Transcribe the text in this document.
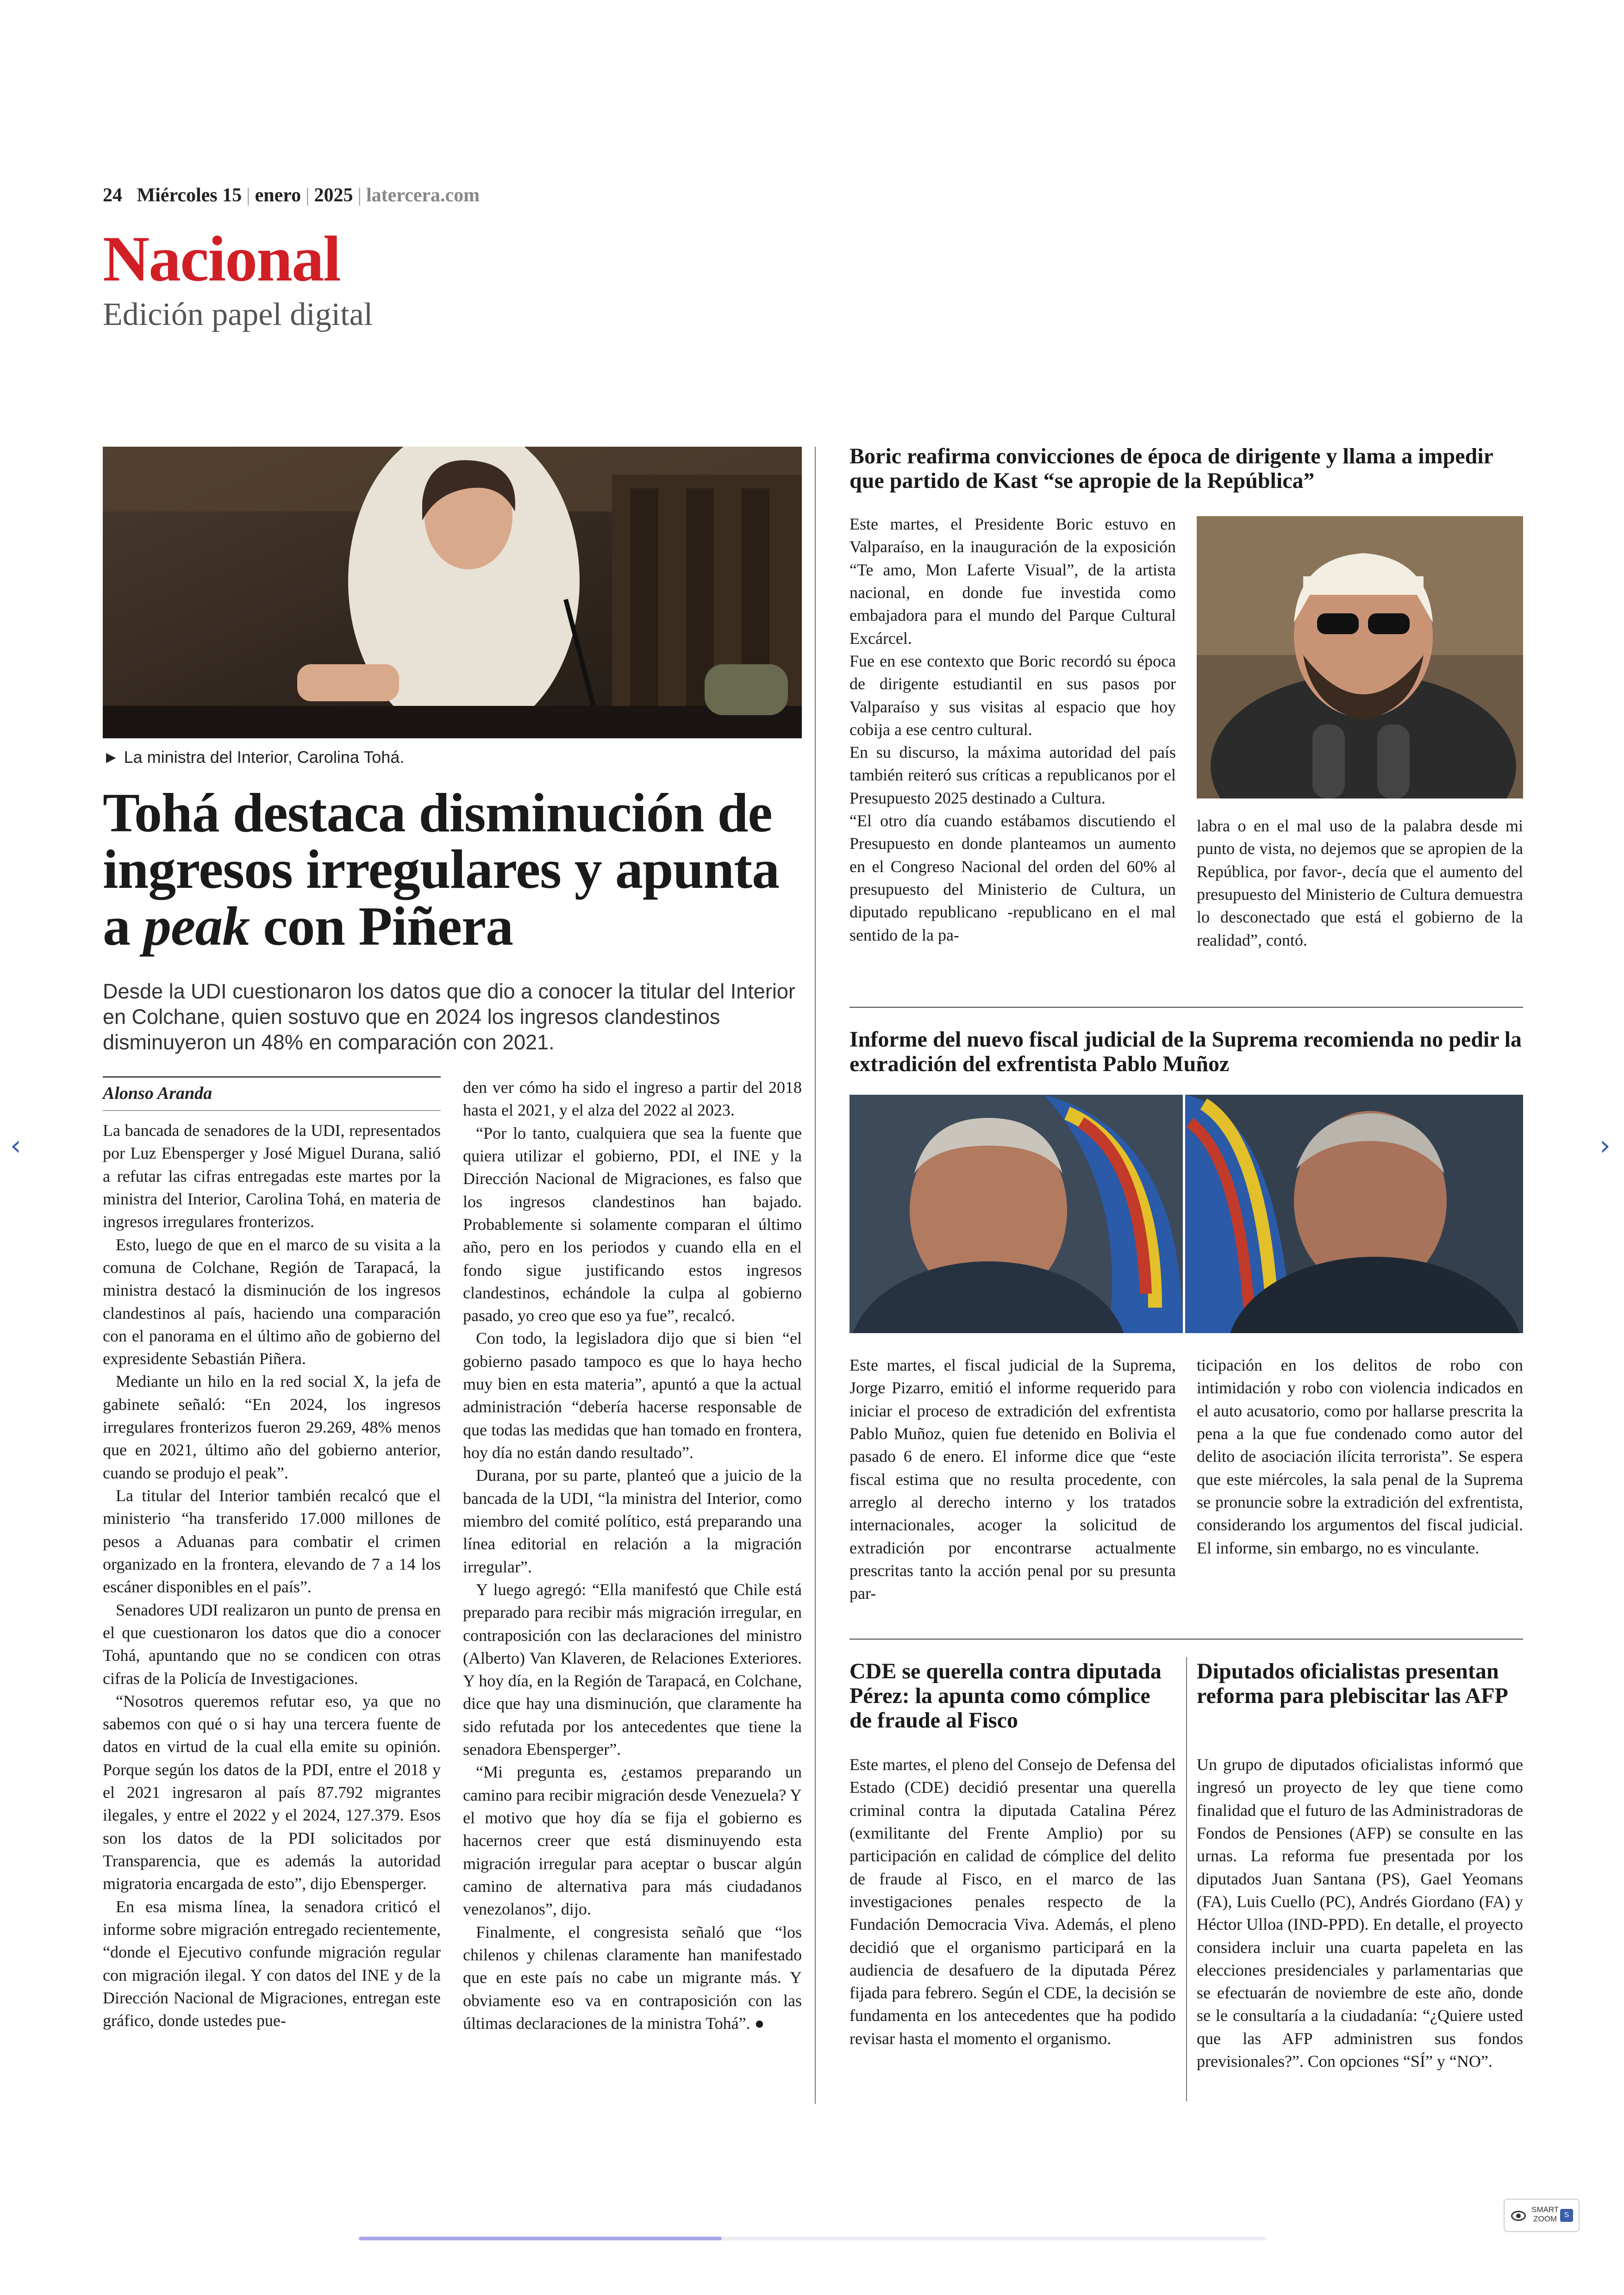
24 Miércoles 15 | enero | 2025 | latercera.com
Nacional
Edición papel digital
► La ministra del Interior, Carolina Tohá.
Tohá destaca disminución de ingresos irregulares y apunta a peak con Piñera
Desde la UDI cuestionaron los datos que dio a conocer la titular del Interior en Colchane, quien sostuvo que en 2024 los ingresos clandestinos disminuyeron un 48% en comparación con 2021.
Alonso Aranda

La bancada de senadores de la UDI, representados por Luz Ebensperger y José Miguel Durana, salió a refutar las cifras entregadas este martes por la ministra del Interior, Carolina Tohá, en materia de ingresos irregulares fronterizos.

Esto, luego de que en el marco de su visita a la comuna de Colchane, Región de Tarapacá, la ministra destacó la disminución de los ingresos clandestinos al país, haciendo una comparación con el panorama en el último año de gobierno del expresidente Sebastián Piñera.

Mediante un hilo en la red social X, la jefa de gabinete señaló: “En 2024, los ingresos irregulares fronterizos fueron 29.269, 48% menos que en 2021, último año del gobierno anterior, cuando se produjo el peak”.

La titular del Interior también recalcó que el ministerio “ha transferido 17.000 millones de pesos a Aduanas para combatir el crimen organizado en la frontera, elevando de 7 a 14 los escáner disponibles en el país”.

Senadores UDI realizaron un punto de prensa en el que cuestionaron los datos que dio a conocer Tohá, apuntando que no se condicen con otras cifras de la Policía de Investigaciones.

“Nosotros queremos refutar eso, ya que no sabemos con qué o si hay una tercera fuente de datos en virtud de la cual ella emite su opinión. Porque según los datos de la PDI, entre el 2018 y el 2021 ingresaron al país 87.792 migrantes ilegales, y entre el 2022 y el 2024, 127.379. Esos son los datos de la PDI solicitados por Transparencia, que es además la autoridad migratoria encargada de esto”, dijo Ebensperger.

En esa misma línea, la senadora criticó el informe sobre migración entregado recientemente, “donde el Ejecutivo confunde migración regular con migración ilegal. Y con datos del INE y de la Dirección Nacional de Migraciones, entregan este gráfico, donde ustedes pue-

den ver cómo ha sido el ingreso a partir del 2018 hasta el 2021, y el alza del 2022 al 2023.

“Por lo tanto, cualquiera que sea la fuente que quiera utilizar el gobierno, PDI, el INE y la Dirección Nacional de Migraciones, es falso que los ingresos clandestinos han bajado. Probablemente si solamente comparan el último año, pero en los periodos y cuando ella en el fondo sigue justificando estos ingresos clandestinos, echándole la culpa al gobierno pasado, yo creo que eso ya fue”, recalcó.

Con todo, la legisladora dijo que si bien “el gobierno pasado tampoco es que lo haya hecho muy bien en esta materia”, apuntó a que la actual administración “debería hacerse responsable de que todas las medidas que han tomado en frontera, hoy día no están dando resultado”.

Durana, por su parte, planteó que a juicio de la bancada de la UDI, “la ministra del Interior, como miembro del comité político, está preparando una línea editorial en relación a la migración irregular”.

Y luego agregó: “Ella manifestó que Chile está preparado para recibir más migración irregular, en contraposición con las declaraciones del ministro (Alberto) Van Klaveren, de Relaciones Exteriores. Y hoy día, en la Región de Tarapacá, en Colchane, dice que hay una disminución, que claramente ha sido refutada por los antecedentes que tiene la senadora Ebensperger”.

“Mi pregunta es, ¿estamos preparando un camino para recibir migración desde Venezuela? Y el motivo que hoy día se fija el gobierno es hacernos creer que está disminuyendo esta migración irregular para aceptar o buscar algún camino de alternativa para más ciudadanos venezolanos”, dijo.

Finalmente, el congresista señaló que “los chilenos y chilenas claramente han manifestado que en este país no cabe un migrante más. Y obviamente eso va en contraposición con las últimas declaraciones de la ministra Tohá”. ●

Boric reafirma convicciones de época de dirigente y llama a impedir que partido de Kast “se apropie de la República”

Este martes, el Presidente Boric estuvo en Valparaíso, en la inauguración de la exposición “Te amo, Mon Laferte Visual”, de la artista nacional, en donde fue investida como embajadora para el mundo del Parque Cultural Excárcel.

Fue en ese contexto que Boric recordó su época de dirigente estudiantil en sus pasos por Valparaíso y sus visitas al espacio que hoy cobija a ese centro cultural.

En su discurso, la máxima autoridad del país también reiteró sus críticas a republicanos por el Presupuesto 2025 destinado a Cultura.

“El otro día cuando estábamos discutiendo el Presupuesto en donde planteamos un aumento en el Congreso Nacional del orden del 60% al presupuesto del Ministerio de Cultura, un diputado republicano -republicano en el mal sentido de la pa-

labra o en el mal uso de la palabra desde mi punto de vista, no dejemos que se apropien de la República, por favor-, decía que el aumento del presupuesto del Ministerio de Cultura demuestra lo desconectado que está el gobierno de la realidad”, contó.

Informe del nuevo fiscal judicial de la Suprema recomienda no pedir la extradición del exfrentista Pablo Muñoz

Este martes, el fiscal judicial de la Suprema, Jorge Pizarro, emitió el informe requerido para iniciar el proceso de extradición del exfrentista Pablo Muñoz, quien fue detenido en Bolivia el pasado 6 de enero. El informe dice que “este fiscal estima que no resulta procedente, con arreglo al derecho interno y los tratados internacionales, acoger la solicitud de extradición por encontrarse actualmente prescritas tanto la acción penal por su presunta par-

ticipación en los delitos de robo con intimidación y robo con violencia indicados en el auto acusatorio, como por hallarse prescrita la pena a la que fue condenado como autor del delito de asociación ilícita terrorista”. Se espera que este miércoles, la sala penal de la Suprema se pronuncie sobre la extradición del exfrentista, considerando los argumentos del fiscal judicial. El informe, sin embargo, no es vinculante.

CDE se querella contra diputada Pérez: la apunta como cómplice de fraude al Fisco

Este martes, el pleno del Consejo de Defensa del Estado (CDE) decidió presentar una querella criminal contra la diputada Catalina Pérez (exmilitante del Frente Amplio) por su participación en calidad de cómplice del delito de fraude al Fisco, en el marco de las investigaciones penales respecto de la Fundación Democracia Viva. Además, el pleno decidió que el organismo participará en la audiencia de desafuero de la diputada Pérez fijada para febrero. Según el CDE, la decisión se fundamenta en los antecedentes que ha podido revisar hasta el momento el organismo.

Diputados oficialistas presentan reforma para plebiscitar las AFP

Un grupo de diputados oficialistas informó que ingresó un proyecto de ley que tiene como finalidad que el futuro de las Administradoras de Fondos de Pensiones (AFP) se consulte en las urnas. La reforma fue presentada por los diputados Juan Santana (PS), Gael Yeomans (FA), Luis Cuello (PC), Andrés Giordano (FA) y Héctor Ulloa (IND-PPD). En detalle, el proyecto considera incluir una cuarta papeleta en las elecciones presidenciales y parlamentarias que se efectuarán de noviembre de este año, donde se le consultaría a la ciudadanía: “¿Quiere usted que las AFP administren sus fondos previsionales?”. Con opciones “SÍ” y “NO”.

‹	›
SMART
ZOOM S
